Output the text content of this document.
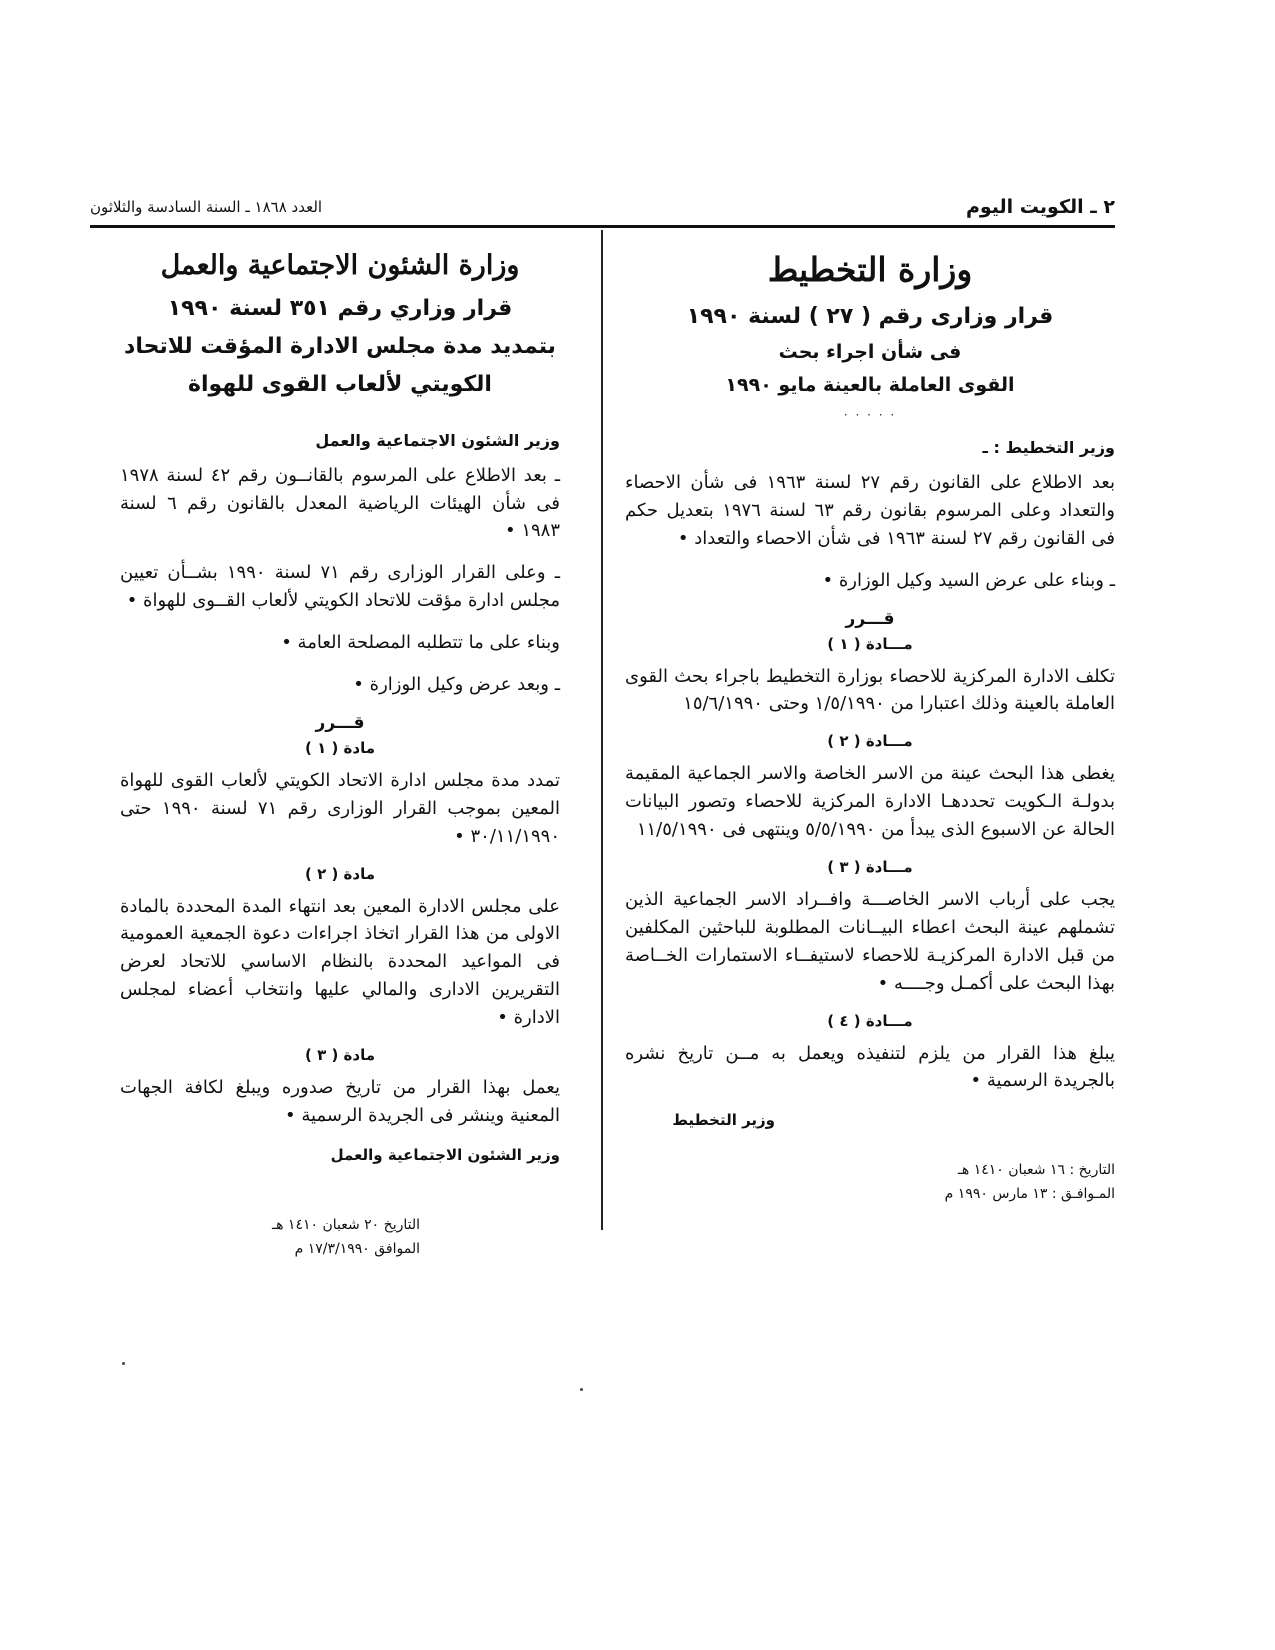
٢ ـ الكويت اليوم
العدد ١٨٦٨ ـ السنة السادسة والثلاثون
وزارة التخطيط
قرار وزارى رقم ( ٢٧ ) لسنة ١٩٩٠
فى شأن اجراء بحث
القوى العاملة بالعينة مايو ١٩٩٠
· · · · ·
وزير التخطيط : ـ

بعد الاطلاع على القانون رقم ٢٧ لسنة ١٩٦٣ فى شأن الاحصاء والتعداد وعلى المرسوم بقانون رقم ٦٣ لسنة ١٩٧٦ بتعديل حكم فى القانون رقم ٢٧ لسنة ١٩٦٣ فى شأن الاحصاء والتعداد •

ـ وبناء على عرض السيد وكيل الوزارة •

قـــرر
مـــادة ( ١ )

تكلف الادارة المركزية للاحصاء بوزارة التخطيط باجراء بحث القوى العاملة بالعينة وذلك اعتبارا من ١/٥/١٩٩٠ وحتى ١٥/٦/١٩٩٠

مـــادة ( ٢ )

يغطى هذا البحث عينة من الاسر الخاصة والاسر الجماعية المقيمة بدولـة الـكويت تحددهـا الادارة المركزية للاحصاء وتصور البيانات الحالة عن الاسبوع الذى يبدأ من ٥/٥/١٩٩٠ وينتهى فى ١١/٥/١٩٩٠

مـــادة ( ٣ )

يجب على أرباب الاسر الخاصـــة وافــراد الاسر الجماعية الذين تشملهم عينة البحث اعطاء البيــانات المطلوبة للباحثين المكلفين من قبل الادارة المركزيـة للاحصاء لاستيفــاء الاستمارات الخــاصة بهذا البحث على أكمـل وجــــه •

مـــادة ( ٤ )

يبلغ هذا القرار من يلزم لتنفيذه ويعمل به مــن تاريخ نشره بالجريدة الرسمية •

وزير التخطيط
التاريخ : ١٦ شعبان ١٤١٠ هـ
المـوافـق : ١٣ مارس ١٩٩٠ م
وزارة الشئون الاجتماعية والعمل
قرار وزاري رقم ٣٥١ لسنة ١٩٩٠
بتمديد مدة مجلس الادارة المؤقت للاتحاد
الكويتي لألعاب القوى للهواة
وزير الشئون الاجتماعية والعمل

ـ بعد الاطلاع على المرسوم بالقانــون رقم ٤٢ لسنة ١٩٧٨ فى شأن الهيئات الرياضية المعدل بالقانون رقم ٦ لسنة ١٩٨٣ •

ـ وعلى القرار الوزارى رقم ٧١ لسنة ١٩٩٠ بشــأن تعيين مجلس ادارة مؤقت للاتحاد الكويتي لألعاب القــوى للهواة •

وبناء على ما تتطلبه المصلحة العامة •

ـ وبعد عرض وكيل الوزارة •

قـــرر
مادة ( ١ )

تمدد مدة مجلس ادارة الاتحاد الكويتي لألعاب القوى للهواة المعين بموجب القرار الوزارى رقم ٧١ لسنة ١٩٩٠ حتى ٣٠/١١/١٩٩٠ •

مادة ( ٢ )

على مجلس الادارة المعين بعد انتهاء المدة المحددة بالمادة الاولى من هذا القرار اتخاذ اجراءات دعوة الجمعية العمومية فى المواعيد المحددة بالنظام الاساسي للاتحاد لعرض التقريرين الادارى والمالي عليها وانتخاب أعضاء لمجلس الادارة •

مادة ( ٣ )

يعمل بهذا القرار من تاريخ صدوره ويبلغ لكافة الجهات المعنية وينشر فى الجريدة الرسمية •

وزير الشئون الاجتماعية والعمل
التاريخ ٢٠ شعبان ١٤١٠ هـ
الموافق ١٧/٣/١٩٩٠ م
